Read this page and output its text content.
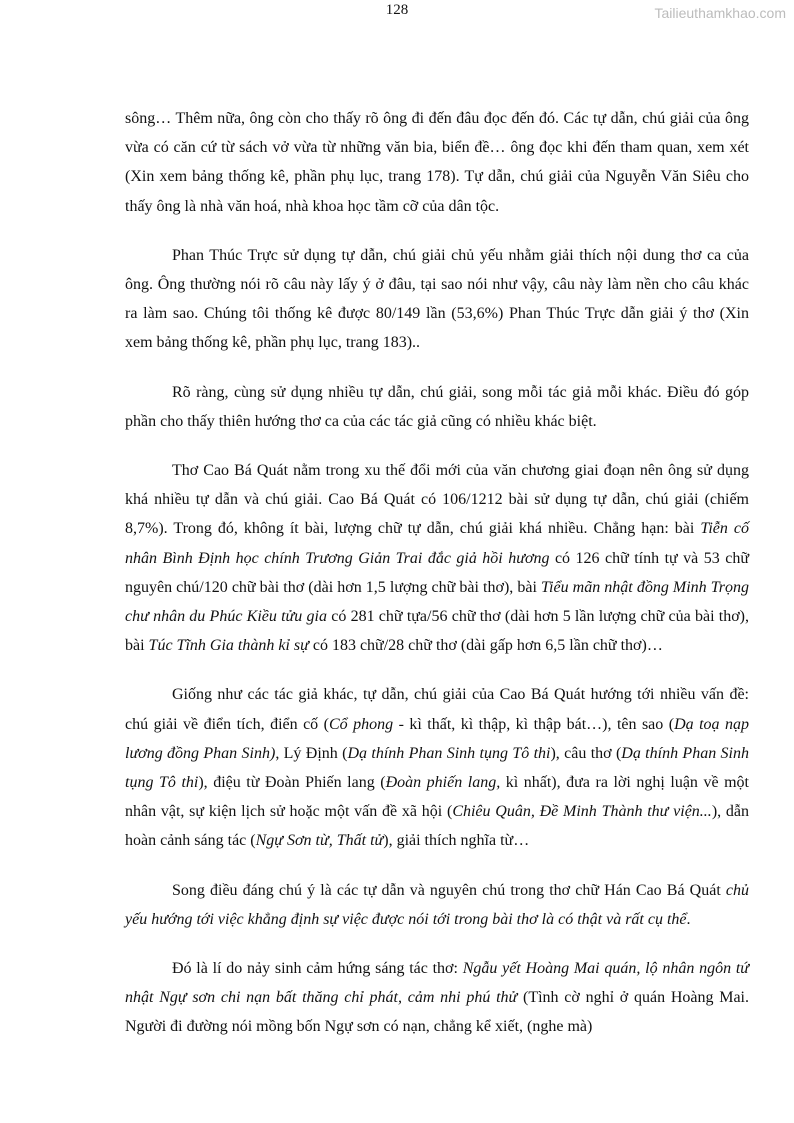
128	Tailieuthamkhao.com

sông… Thêm nữa, ông còn cho thấy rõ ông đi đến đâu đọc đến đó. Các tự dẫn, chú giải của ông vừa có căn cứ từ sách vở vừa từ những văn bia, biển đề… ông đọc khi đến tham quan, xem xét (Xin xem bảng thống kê, phần phụ lục, trang 178). Tự dẫn, chú giải của Nguyễn Văn Siêu cho thấy ông là nhà văn hoá, nhà khoa học tầm cỡ của dân tộc.

Phan Thúc Trực sử dụng tự dẫn, chú giải chủ yếu nhằm giải thích nội dung thơ ca của ông. Ông thường nói rõ câu này lấy ý ở đâu, tại sao nói như vậy, câu này làm nền cho câu khác ra làm sao. Chúng tôi thống kê được 80/149 lần (53,6%) Phan Thúc Trực dẫn giải ý thơ (Xin xem bảng thống kê, phần phụ lục, trang 183)..

Rõ ràng, cùng sử dụng nhiều tự dẫn, chú giải, song mỗi tác giả mỗi khác. Điều đó góp phần cho thấy thiên hướng thơ ca của các tác giả cũng có nhiều khác biệt.

Thơ Cao Bá Quát nằm trong xu thế đổi mới của văn chương giai đoạn nên ông sử dụng khá nhiều tự dẫn và chú giải. Cao Bá Quát có 106/1212 bài sử dụng tự dẫn, chú giải (chiếm 8,7%). Trong đó, không ít bài, lượng chữ tự dẫn, chú giải khá nhiều. Chẳng hạn: bài Tiễn cố nhân Bình Định học chính Trương Giản Trai đắc giả hồi hương có 126 chữ tính tự và 53 chữ nguyên chú/120 chữ bài thơ (dài hơn 1,5 lượng chữ bài thơ), bài Tiểu mãn nhật đồng Minh Trọng chư nhân du Phúc Kiều tửu gia có 281 chữ tựa/56 chữ thơ (dài hơn 5 lần lượng chữ của bài thơ), bài Túc Tĩnh Gia thành kỉ sự có 183 chữ/28 chữ thơ (dài gấp hơn 6,5 lần chữ thơ)…

Giống như các tác giả khác, tự dẫn, chú giải của Cao Bá Quát hướng tới nhiều vấn đề: chú giải về điển tích, điển cố (Cổ phong - kì thất, kì thập, kì thập bát…), tên sao (Dạ toạ nạp lương đồng Phan Sinh), Lý Định (Dạ thính Phan Sinh tụng Tô thi), câu thơ (Dạ thính Phan Sinh tụng Tô thi), điệu từ Đoàn Phiến lang (Đoàn phiến lang, kì nhất), đưa ra lời nghị luận về một nhân vật, sự kiện lịch sử hoặc một vấn đề xã hội (Chiêu Quân, Đề Minh Thành thư viện...), dẫn hoàn cảnh sáng tác (Ngự Sơn từ, Thất tử), giải thích nghĩa từ…

Song điều đáng chú ý là các tự dẫn và nguyên chú trong thơ chữ Hán Cao Bá Quát chủ yếu hướng tới việc khẳng định sự việc được nói tới trong bài thơ là có thật và rất cụ thể.

Đó là lí do nảy sinh cảm hứng sáng tác thơ: Ngẫu yết Hoàng Mai quán, lộ nhân ngôn tứ nhật Ngự sơn chi nạn bất thăng chỉ phát, cảm nhi phú thử (Tình cờ nghỉ ở quán Hoàng Mai. Người đi đường nói mồng bốn Ngự sơn có nạn, chẳng kể xiết, (nghe mà)
